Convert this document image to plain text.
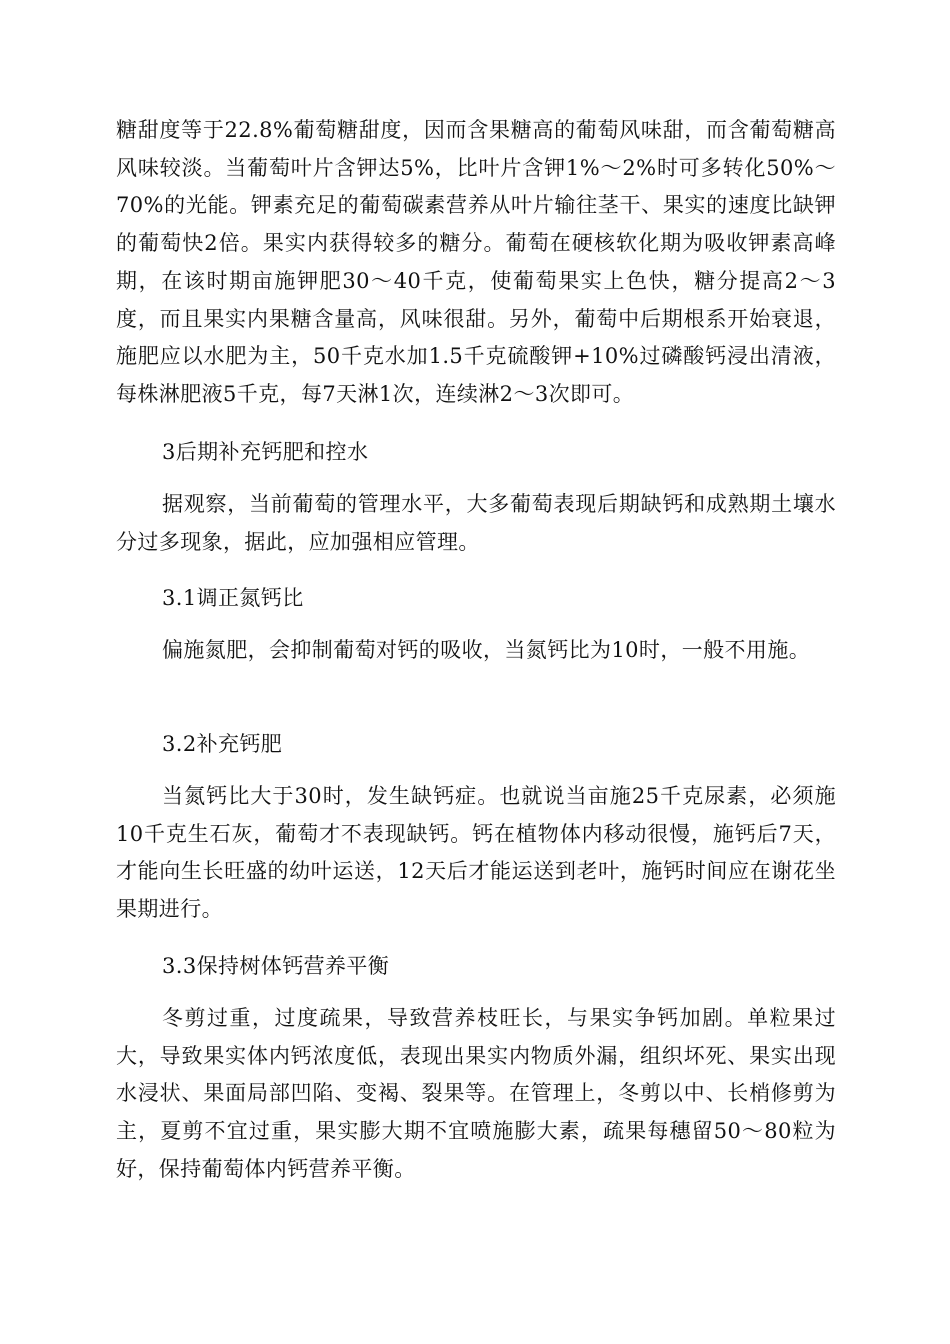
糖甜度等于22.8%葡萄糖甜度，因而含果糖高的葡萄风味甜，而含葡萄糖高风味较淡。当葡萄叶片含钾达5%，比叶片含钾1%～2%时可多转化50%～70%的光能。钾素充足的葡萄碳素营养从叶片输往茎干、果实的速度比缺钾的葡萄快2倍。果实内获得较多的糖分。葡萄在硬核软化期为吸收钾素高峰期，在该时期亩施钾肥30～40千克，使葡萄果实上色快，糖分提高2～3度，而且果实内果糖含量高，风味很甜。另外，葡萄中后期根系开始衰退，施肥应以水肥为主，50千克水加1.5千克硫酸钾+10%过磷酸钙浸出清液，每株淋肥液5千克，每7天淋1次，连续淋2～3次即可。

3后期补充钙肥和控水

据观察，当前葡萄的管理水平，大多葡萄表现后期缺钙和成熟期土壤水分过多现象，据此，应加强相应管理。

3.1调正氮钙比

偏施氮肥，会抑制葡萄对钙的吸收，当氮钙比为10时，一般不用施。

3.2补充钙肥

当氮钙比大于30时，发生缺钙症。也就说当亩施25千克尿素，必须施10千克生石灰，葡萄才不表现缺钙。钙在植物体内移动很慢，施钙后7天，才能向生长旺盛的幼叶运送，12天后才能运送到老叶，施钙时间应在谢花坐果期进行。

3.3保持树体钙营养平衡

冬剪过重，过度疏果，导致营养枝旺长，与果实争钙加剧。单粒果过大，导致果实体内钙浓度低，表现出果实内物质外漏，组织坏死、果实出现水浸状、果面局部凹陷、变褐、裂果等。在管理上，冬剪以中、长梢修剪为主，夏剪不宜过重，果实膨大期不宜喷施膨大素，疏果每穗留50～80粒为好，保持葡萄体内钙营养平衡。
